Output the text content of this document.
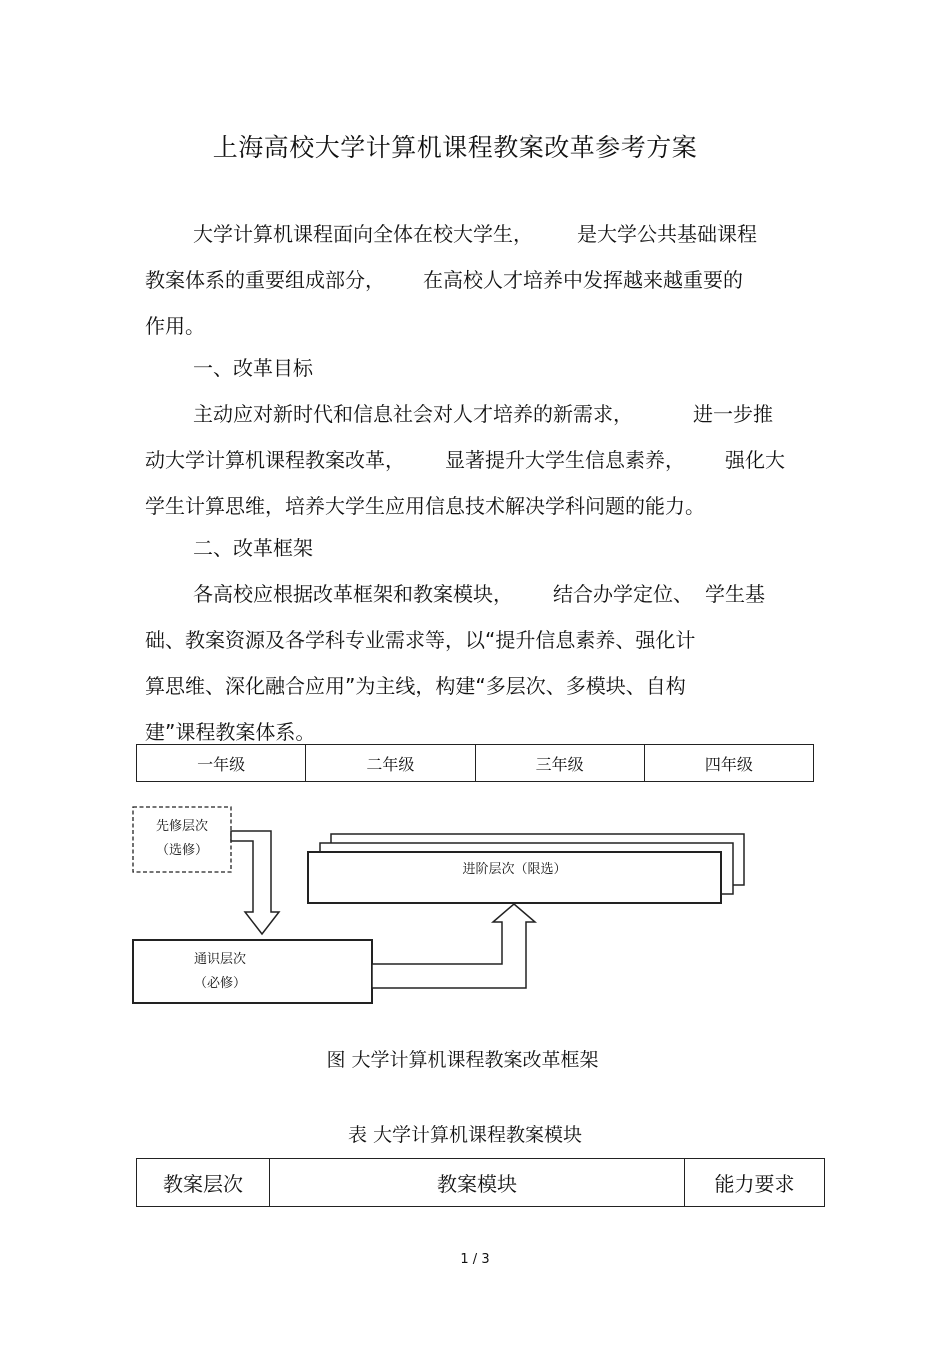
上海高校大学计算机课程教案改革参考方案
大学计算机课程面向全体在校大学生， 是大学公共基础课程
教案体系的重要组成部分， 在高校人才培养中发挥越来越重要的
作用。
一、改革目标
主动应对新时代和信息社会对人才培养的新需求，	进一步推
动大学计算机课程教案改革， 显著提升大学生信息素养， 强化大
学生计算思维，培养大学生应用信息技术解决学科问题的能力。
二、改革框架
各高校应根据改革框架和教案模块， 结合办学定位、 学生基
础、教案资源及各学科专业需求等，以“提升信息素养、强化计
算思维、深化融合应用”为主线，构建“多层次、多模块、自构
建”课程教案体系。
一年级	二年级	三年级	四年级
先修层次
（选修）
通识层次
（必修）
进阶层次（限选）
图 大学计算机课程教案改革框架
表 大学计算机课程教案模块
教案层次	教案模块	能力要求
1 / 3
